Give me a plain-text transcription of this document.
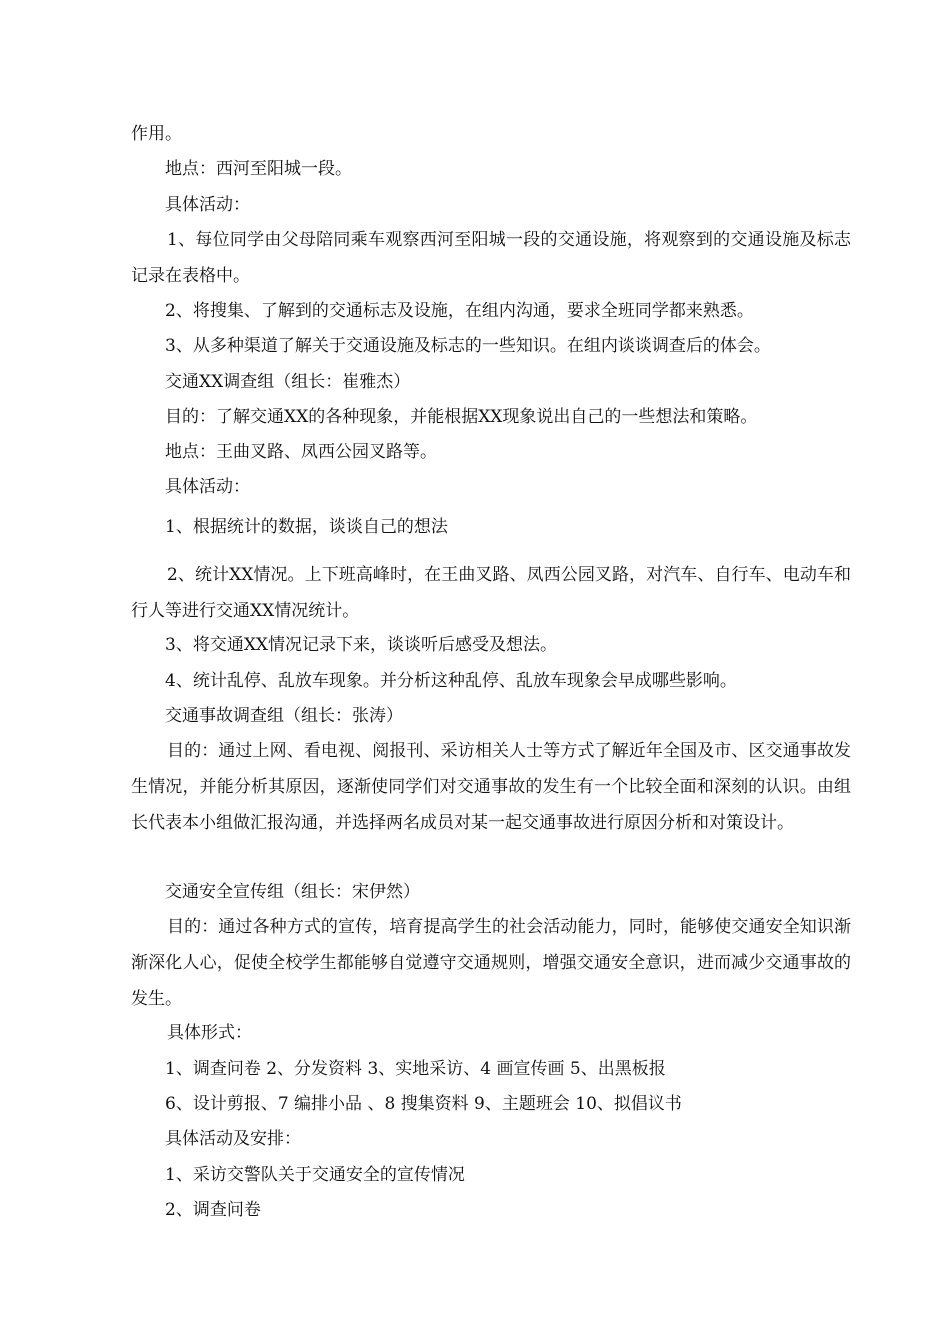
作用。
地点：西河至阳城一段。
具体活动：
1、每位同学由父母陪同乘车观察西河至阳城一段的交通设施，将观察到的交通设施及标志记录在表格中。
2、将搜集、了解到的交通标志及设施，在组内沟通，要求全班同学都来熟悉。
3、从多种渠道了解关于交通设施及标志的一些知识。在组内谈谈调查后的体会。
交通XX调查组（组长：崔雅杰）
目的：了解交通XX的各种现象，并能根据XX现象说出自己的一些想法和策略。
地点：王曲叉路、凤西公园叉路等。
具体活动：
1、根据统计的数据，谈谈自己的想法
2、统计XX情况。上下班高峰时，在王曲叉路、凤西公园叉路，对汽车、自行车、电动车和行人等进行交通XX情况统计。
3、将交通XX情况记录下来，谈谈听后感受及想法。
4、统计乱停、乱放车现象。并分析这种乱停、乱放车现象会早成哪些影响。
交通事故调查组（组长：张涛）
目的：通过上网、看电视、阅报刊、采访相关人士等方式了解近年全国及市、区交通事故发生情况，并能分析其原因，逐渐使同学们对交通事故的发生有一个比较全面和深刻的认识。由组长代表本小组做汇报沟通，并选择两名成员对某一起交通事故进行原因分析和对策设计。
交通安全宣传组（组长：宋伊然）
目的：通过各种方式的宣传，培育提高学生的社会活动能力，同时，能够使交通安全知识渐渐深化人心，促使全校学生都能够自觉遵守交通规则，增强交通安全意识，进而减少交通事故的发生。
具体形式：
1、调查问卷 2、分发资料 3、实地采访、4 画宣传画 5、出黑板报
6、设计剪报、7 编排小品 、8 搜集资料 9、主题班会 10、拟倡议书
具体活动及安排：
1、采访交警队关于交通安全的宣传情况
2、调查问卷
